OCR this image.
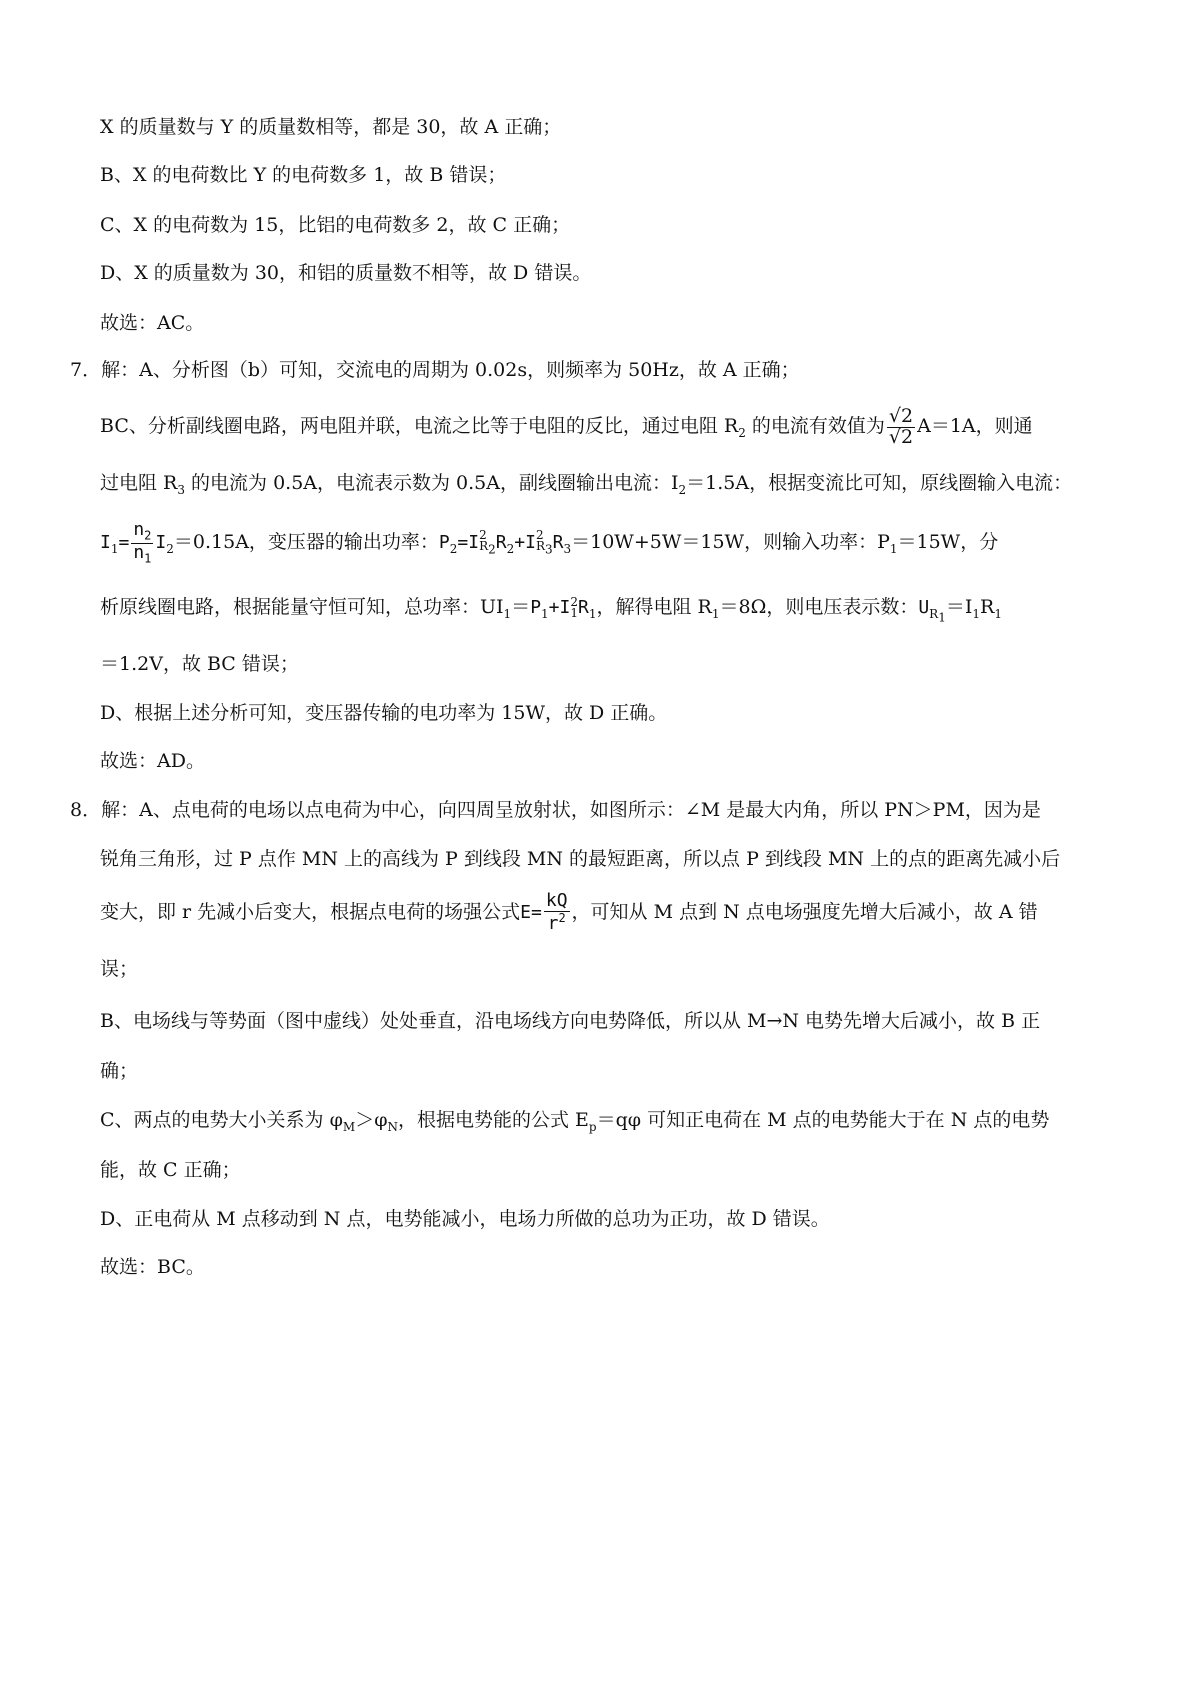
X 的质量数与 Y 的质量数相等，都是 30，故 A 正确；
B、X 的电荷数比 Y 的电荷数多 1，故 B 错误；
C、X 的电荷数为 15，比铝的电荷数多 2，故 C 正确；
D、X 的质量数为 30，和铝的质量数不相等，故 D 错误。
故选：AC。
7．解：A、分析图（b）可知，交流电的周期为 0.02s，则频率为 50Hz，故 A 正确；
BC、分析副线圈电路，两电阻并联，电流之比等于电阻的反比，通过电阻 $R_2$ 的电流有效值为 $\frac{√2}{√2} A=1A$，则通
过电阻 $R_3$ 的电流为 0.5A，电流表示数为 0.5A，副线圈输出电流：$I_2=1.5A$，根据变流比可知，原线圈输入电流：
$I_1= \frac{n_2}{n_1} I_2=0.15A$，变压器的输出功率：$P_2=I$ 2
$R_2$ $R_2+I$ 2
$R_3$ $R_3=10W+5W=15W$，则输入功率：$P_1=15W$，分
析原线圈电路，根据能量守恒可知，总功率：$UI_1=P_1+I$ 2
1 $R_1$，解得电阻 $R_1=8\Omega$，则电压表示数：$U_{R_1}=I_1R_1$
＝1.2V，故 BC 错误；
D、根据上述分析可知，变压器传输的电功率为 15W，故 D 正确。
故选：AD。
8．解：A、点电荷的电场以点电荷为中心，向四周呈放射状，如图所示：∠M 是最大内角，所以 PN＞PM，因为是
锐角三角形，过 P 点作 MN 上的高线为 P 到线段 MN 的最短距离，所以点 P 到线段 MN 上的点的距离先减小后
变大，即 r 先减小后变大，根据点电荷的场强公式$E= \frac{kQ}{r^2}$ ，可知从 M 点到 N 点电场强度先增大后减小，故 A 错
误；
B、电场线与等势面（图中虚线）处处垂直，沿电场线方向电势降低，所以从 M→N 电势先增大后减小，故 B 正
确；
C、两点的电势大小关系为 $\varphi_M>\varphi_N$，根据电势能的公式 $E_p=q\varphi$ 可知正电荷在 M 点的电势能大于在 N 点的电势
能，故 C 正确；
D、正电荷从 M 点移动到 N 点，电势能减小，电场力所做的总功为正功，故 D 错误。
故选：BC。
